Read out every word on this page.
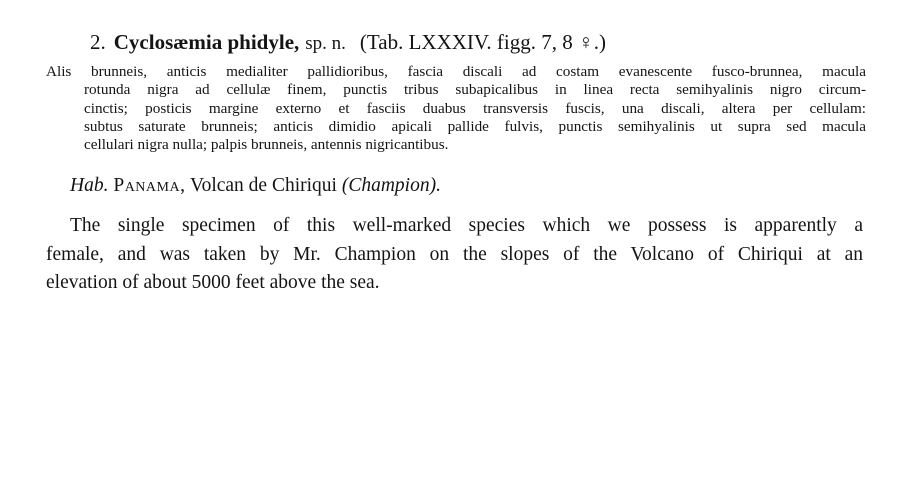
2. Cyclosæmia phidyle, sp. n. (Tab. LXXXIV. figg. 7, 8 ♀.)
Alis brunneis, anticis medialiter pallidioribus, fascia discali ad costam evanescente fusco-brunnea, macula
rotunda nigra ad cellulæ finem, punctis tribus subapicalibus in linea recta semihyalinis nigro circum-
cinctis; posticis margine externo et fasciis duabus transversis fuscis, una discali, altera per cellulam:
subtus saturate brunneis; anticis dimidio apicali pallide fulvis, punctis semihyalinis ut supra sed macula
cellulari nigra nulla; palpis brunneis, antennis nigricantibus.
Hab. Panama, Volcan de Chiriqui (Champion).
The single specimen of this well-marked species which we possess is apparently a
female, and was taken by Mr. Champion on the slopes of the Volcano of Chiriqui at an
elevation of about 5000 feet above the sea.
